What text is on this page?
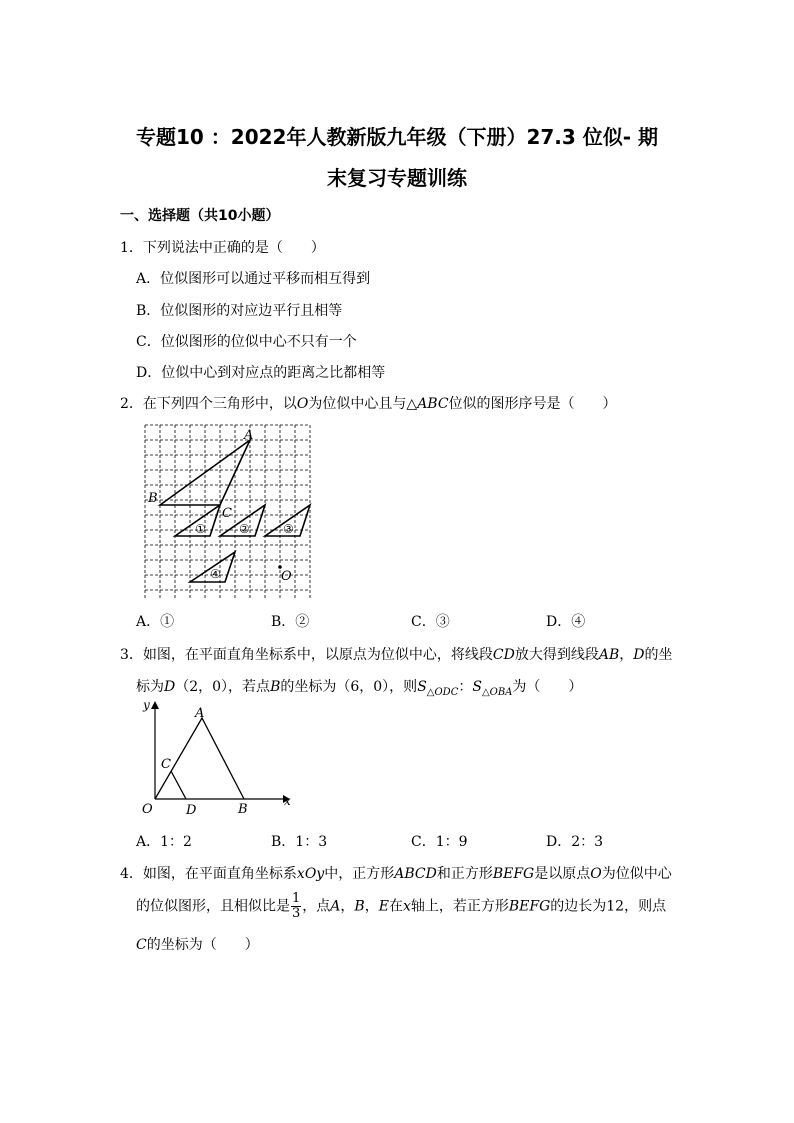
专题10 ：2022年人教新版九年级（下册）27.3 位似- 期
末复习专题训练
一、选择题（共10小题）
1．下列说法中正确的是（　　）
A．位似图形可以通过平移而相互得到
B．位似图形的对应边平行且相等
C．位似图形的位似中心不只有一个
D．位似中心到对应点的距离之比都相等
2．在下列四个三角形中，以O为位似中心且与△ABC位似的图形序号是（　　）
A
B
C
O
①	②	③
④
A．①	B．②	C．③	D．④
3．如图，在平面直角坐标系中，以原点为位似中心，将线段CD放大得到线段AB，D的坐
标为D（2，0），若点B的坐标为（6，0），则$S_{\triangle ODC}$：$S_{\triangle OBA}$为（　　）
y
x
O
A
B
C
D
A．1：2	B．1：3	C．1：9	D．2：3
4．如图，在平面直角坐标系xOy中，正方形ABCD和正方形BEFG是以原点O为位似中心
的位似图形，且相似比是 $\frac{1}{3}$ ，点A，B，E在x轴上，若正方形BEFG的边长为12，则点
C的坐标为（　　）
